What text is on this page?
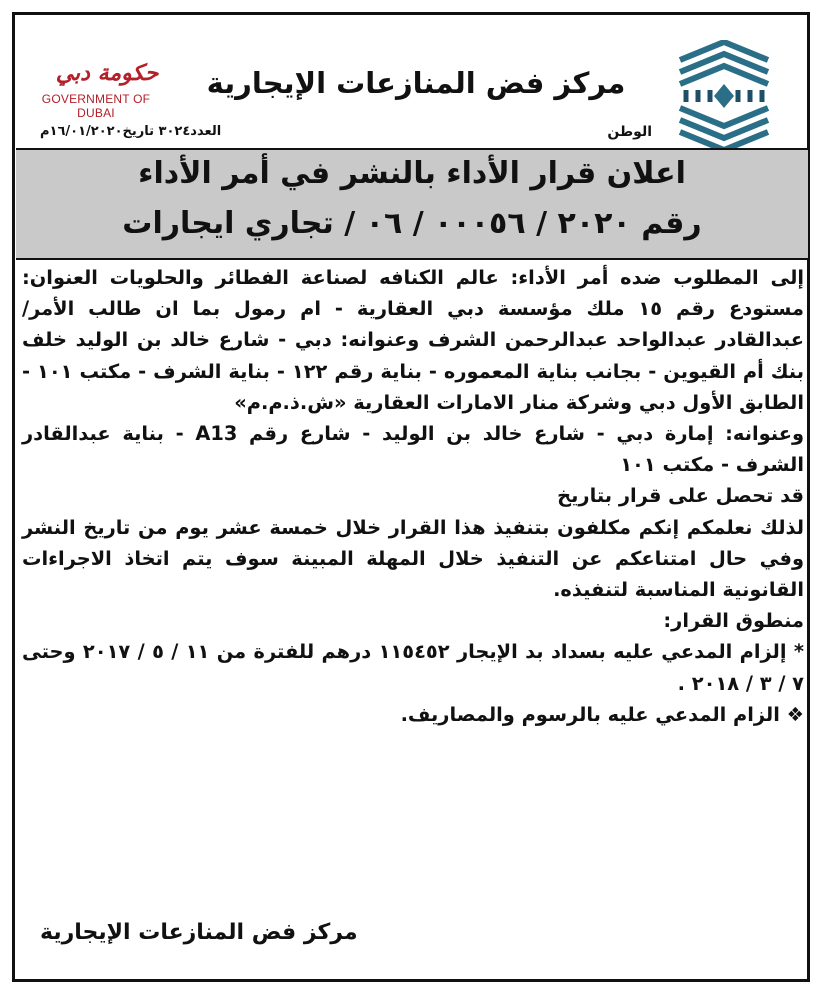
حكومة دبي
GOVERNMENT OF DUBAI
مركز فض المنازعات الإيجارية
العدد٣٠٢٤ تاريخ١٦/٠١/٢٠٢٠م	الوطن
اعلان قرار الأداء بالنشر في أمر الأداء
رقم ٢٠٢٠ / ٠٠٠٥٦ / ٠٦ / تجاري ايجارات

إلى المطلوب ضده أمر الأداء: عالم الكنافه لصناعة الفطائر والحلويات العنوان: مستودع رقم ١٥ ملك مؤسسة دبي العقارية - ام رمول بما ان طالب الأمر/ عبدالقادر عبدالواحد عبدالرحمن الشرف وعنوانه: دبي - شارع خالد بن الوليد خلف بنك أم القيوين - بجانب بناية المعموره - بناية رقم ١٢٢ - بناية الشرف - مكتب ١٠١ - الطابق الأول دبي وشركة منار الامارات العقارية «ش.ذ.م.م»

وعنوانه: إمارة دبي - شارع خالد بن الوليد - شارع رقم A13 - بناية عبدالقادر الشرف - مكتب ١٠١

قد تحصل على قرار بتاريخ

لذلك نعلمكم إنكم مكلفون بتنفيذ هذا القرار خلال خمسة عشر يوم من تاريخ النشر وفي حال امتناعكم عن التنفيذ خلال المهلة المبينة سوف يتم اتخاذ الاجراءات القانونية المناسبة لتنفيذه.

منطوق القرار:

* إلزام المدعي عليه بسداد بد الإيجار ١١٥٤٥٢ درهم للفترة من ١١ / ٥ / ٢٠١٧ وحتى ٧ / ٣ / ٢٠١٨ .

❖ الزام المدعي عليه بالرسوم والمصاريف.

مركز فض المنازعات الإيجارية
